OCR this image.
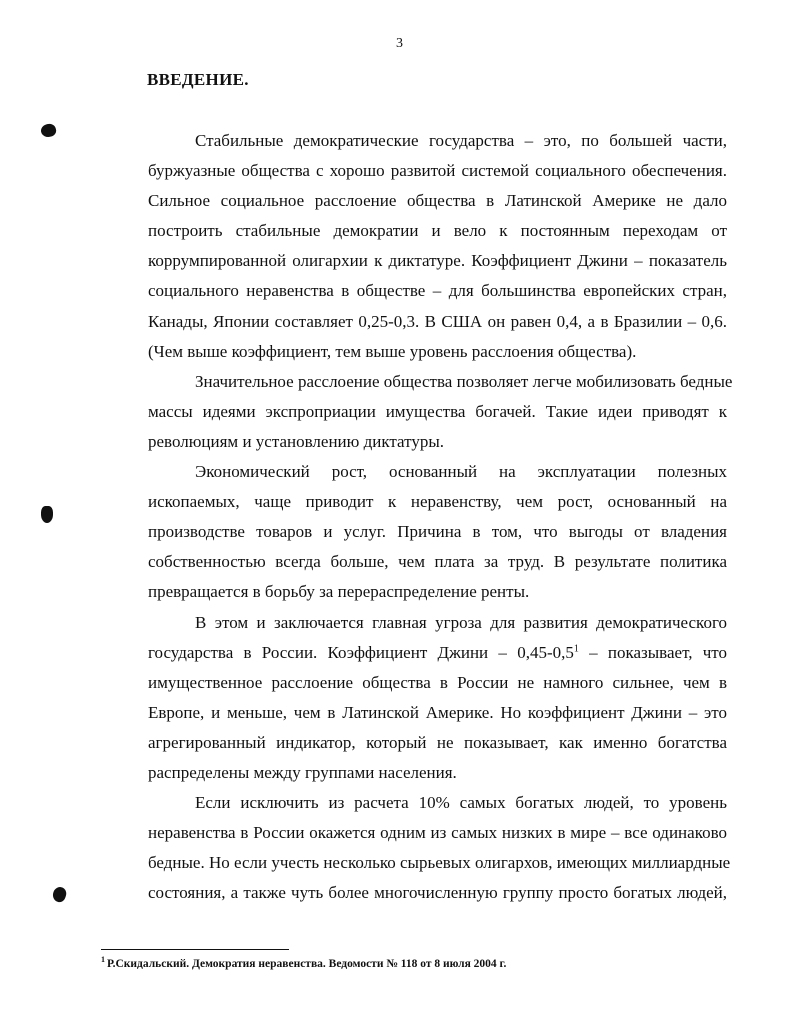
3
ВВЕДЕНИЕ.
Стабильные демократические государства – это, по большей части,
буржуазные общества с хорошо развитой системой социального обеспечения.
Сильное социальное расслоение общества в Латинской Америке не дало
построить стабильные демократии и вело к постоянным переходам от
коррумпированной олигархии к диктатуре. Коэффициент Джини – показатель
социального неравенства в обществе – для большинства европейских стран,
Канады, Японии составляет 0,25-0,3. В США он равен 0,4, а в Бразилии – 0,6.
(Чем выше коэффициент, тем выше уровень расслоения общества).
Значительное расслоение общества позволяет легче мобилизовать бедные
массы идеями экспроприации имущества богачей. Такие идеи приводят к
революциям и установлению диктатуры.
Экономический рост, основанный на эксплуатации полезных
ископаемых, чаще приводит к неравенству, чем рост, основанный на
производстве товаров и услуг. Причина в том, что выгоды от владения
собственностью всегда больше, чем плата за труд. В результате политика
превращается в борьбу за перераспределение ренты.
В этом и заключается главная угроза для развития демократического
государства в России. Коэффициент Джини – 0,45-0,5$^1$ – показывает, что
имущественное расслоение общества в России не намного сильнее, чем в
Европе, и меньше, чем в Латинской Америке. Но коэффициент Джини – это
агрегированный индикатор, который не показывает, как именно богатства
распределены между группами населения.
Если исключить из расчета 10% самых богатых людей, то уровень
неравенства в России окажется одним из самых низких в мире – все одинаково
бедные. Но если учесть несколько сырьевых олигархов, имеющих миллиардные
состояния, а также чуть более многочисленную группу просто богатых людей,
$^1$ Р.Скидальский. Демократия неравенства. Ведомости № 118 от 8 июля 2004 г.
